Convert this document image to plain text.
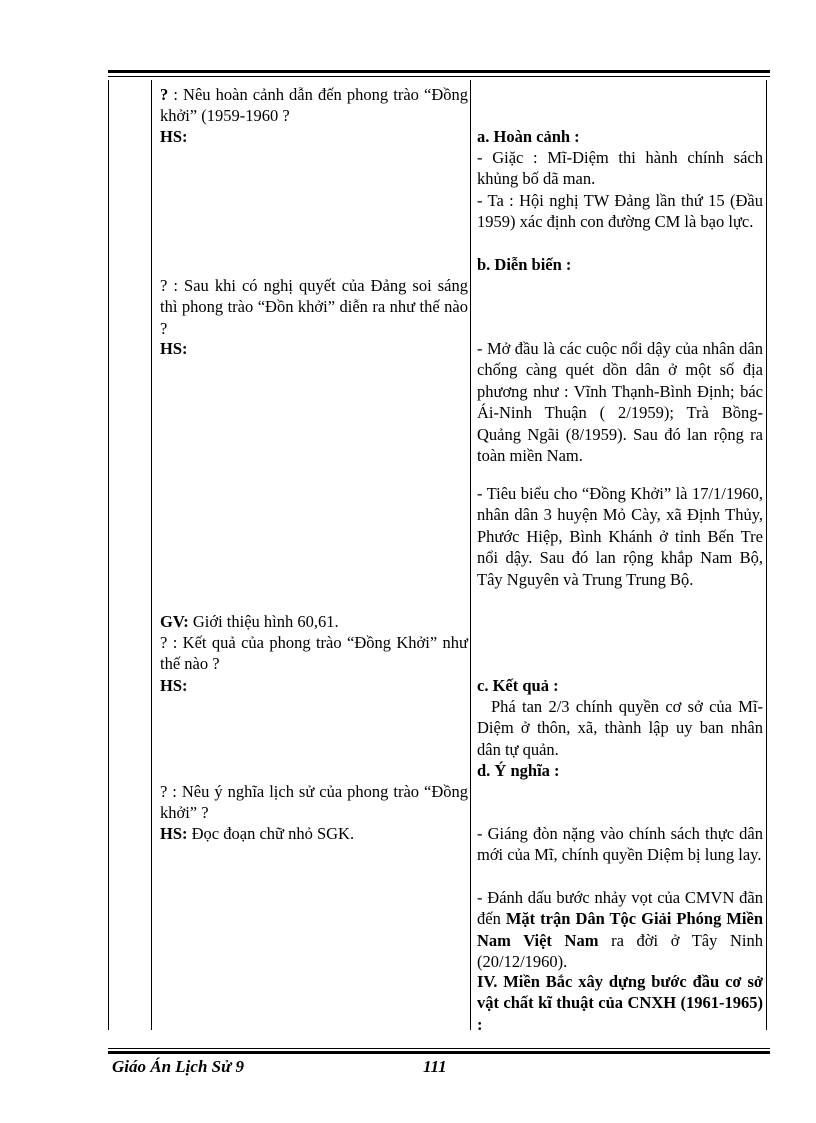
? : Nêu hoàn cảnh dẫn đến phong trào “Đồng khởi” (1959-1960 ?

HS:

? : Sau khi có nghị quyết của Đảng soi sáng thì phong trào “Đồn khởi” diễn ra như thế nào ?

HS:
GV: Giới thiệu hình 60,61.

? : Kết quả của phong trào “Đồng Khởi” như thế nào ?

HS:

? : Nêu ý nghĩa lịch sử của phong trào “Đồng khởi” ?

HS: Đọc đoạn chữ nhỏ SGK.
a. Hoàn cảnh :
- Giặc : Mĩ-Diệm thi hành chính sách khủng bố dã man.
- Ta : Hội nghị TW Đảng lần thứ 15 (Đầu 1959) xác định con đường CM là bạo lực.
b. Diễn biến :
- Mở đầu là các cuộc nổi dậy của nhân dân chống càng quét dồn dân ở một số địa phương như : Vĩnh Thạnh-Bình Định; bác Ái-Ninh Thuận ( 2/1959); Trà Bồng-Quảng Ngãi (8/1959). Sau đó lan rộng ra toàn miền Nam.
- Tiêu biểu cho “Đồng Khởi” là 17/1/1960, nhân dân 3 huyện Mỏ Cày, xã Định Thủy, Phước Hiệp, Bình Khánh ở tỉnh Bến Tre nổi dậy. Sau đó lan rộng khắp Nam Bộ, Tây Nguyên và Trung Trung Bộ.
c. Kết quả :
Phá tan 2/3 chính quyền cơ sở của Mĩ-Diệm ở thôn, xã, thành lập uy ban nhân dân tự quản.
d. Ý nghĩa :
- Giáng đòn nặng vào chính sách thực dân mới của Mĩ, chính quyền Diệm bị lung lay.
- Đánh dấu bước nhảy vọt của CMVN đãn đến Mặt trận Dân Tộc Giải Phóng Miền Nam Việt Nam ra đời ở Tây Ninh (20/12/1960).
IV. Miền Bắc xây dựng bước đầu cơ sở vật chất kĩ thuật của CNXH (1961-1965) :
Giáo Án Lịch Sử 9	111
